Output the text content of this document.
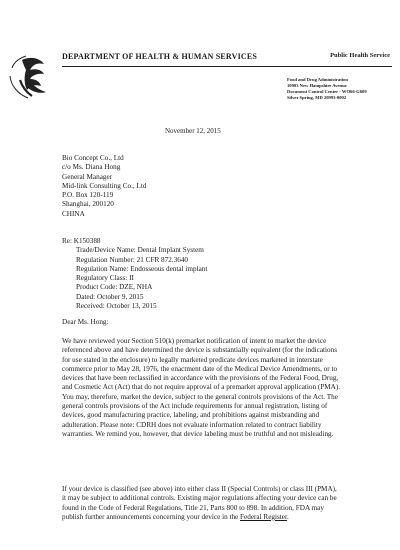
DEPARTMENT OF HEALTH & HUMAN SERVICES	Public Health Service
Food and Drug Administration
10903 New Hampshire Avenue
Document Control Center - WO66-G609
Silver Spring, MD 20993-0002
November 12, 2015
Bio Concept Co., Ltd
c/o Ms. Diana Hong
General Manager
Mid-link Consulting Co., Ltd
P.O. Box 120-119
Shanghai, 200120
CHINA
Re: K150388
Trade/Device Name: Dental Implant System
Regulation Number: 21 CFR 872.3640
Regulation Name: Endosseous dental implant
Regulatory Class: II
Product Code: DZE, NHA
Dated: October 9, 2015
Received: October 13, 2015
Dear Ms. Hong:
We have reviewed your Section 510(k) premarket notification of intent to market the device
referenced above and have determined the device is substantially equivalent (for the indications
for use stated in the enclosure) to legally marketed predicate devices marketed in interstate
commerce prior to May 28, 1976, the enactment date of the Medical Device Amendments, or to
devices that have been reclassified in accordance with the provisions of the Federal Food, Drug,
and Cosmetic Act (Act) that do not require approval of a premarket approval application (PMA).
You may, therefore, market the device, subject to the general controls provisions of the Act. The
general controls provisions of the Act include requirements for annual registration, listing of
devices, good manufacturing practice, labeling, and prohibitions against misbranding and
adulteration. Please note: CDRH does not evaluate information related to contract liability
warranties. We remind you, however, that device labeling must be truthful and not misleading.
If your device is classified (see above) into either class II (Special Controls) or class III (PMA),
it may be subject to additional controls. Existing major regulations affecting your device can be
found in the Code of Federal Regulations, Title 21, Parts 800 to 898. In addition, FDA may
publish further announcements concerning your device in the Federal Register.
